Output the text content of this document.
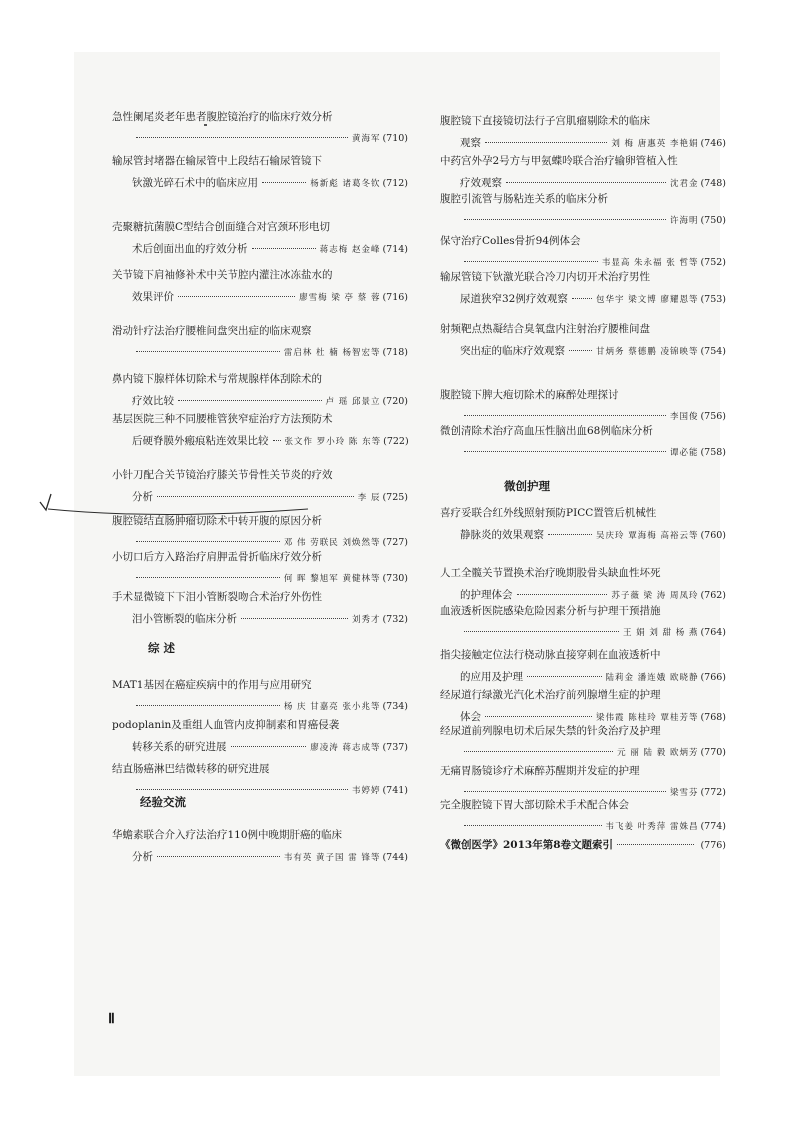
急性阑尾炎老年患者腹腔镜治疗的临床疗效分析
黄海军 (710)
输尿管封堵器在输尿管中上段结石输尿管镜下
钬激光碎石术中的临床应用	杨新彪 诸葛冬钦 (712)
壳聚糖抗菌膜C型结合创面缝合对宫颈环形电切
术后创面出血的疗效分析	蒋志梅 赵金峰 (714)
关节镜下肩袖修补术中关节腔内灌注冰冻盐水的
效果评价	廖雪梅 梁 亭 蔡 蓉 (716)
滑动针疗法治疗腰椎间盘突出症的临床观察
雷启林 杜 楠 杨智宏等 (718)
鼻内镜下腺样体切除术与常规腺样体刮除术的
疗效比较	卢 瑶 邱景立 (720)
基层医院三种不同腰椎管狭窄症治疗方法预防术
后硬脊膜外瘢痕粘连效果比较 张文作 罗小玲 陈 东等 (722)
小针刀配合关节镜治疗膝关节骨性关节炎的疗效
分析	李 辰 (725)
腹腔镜结直肠肿瘤切除术中转开腹的原因分析
邓 伟 劳联民 刘焕然等 (727)
小切口后方入路治疗肩胛盂骨折临床疗效分析
何 晖 黎旭军 黄健林等 (730)
手术显微镜下下泪小管断裂吻合术治疗外伤性
泪小管断裂的临床分析	刘秀才 (732)
综 述
MAT1基因在癌症疾病中的作用与应用研究
杨 庆 甘嘉亮 张小兆等 (734)
podoplanin及重组人血管内皮抑制素和胃癌侵袭
转移关系的研究进展	廖凌涛 蒋志成等 (737)
结直肠癌淋巴结微转移的研究进展
韦婷婷 (741)
经验交流
华蟾素联合介入疗法治疗110例中晚期肝癌的临床
分析	韦有英 黄子国 雷 锋等 (744)
腹腔镜下直接镜切法行子宫肌瘤剔除术的临床
观察	刘 梅 唐惠英 李艳娟 (746)
中药宫外孕2号方与甲氨蝶呤联合治疗输卵管植入性
疗效观察	沈君金 (748)
腹腔引流管与肠粘连关系的临床分析
许海明 (750)
保守治疗Colles骨折94例体会
韦显高 朱永福 张 哲等 (752)
输尿管镜下钬激光联合冷刀内切开术治疗男性
尿道狭窄32例疗效观察	包华宇 梁文博 廖耀恩等 (753)
射频靶点热凝结合臭氧盘内注射治疗腰椎间盘
突出症的临床疗效观察	甘炳务 蔡德鹏 凌锦映等 (754)
腹腔镜下脾大疱切除术的麻醉处理探讨
李国俊 (756)
微创清除术治疗高血压性脑出血68例临床分析
谭必能 (758)
微创护理
喜疗妥联合红外线照射预防PICC置管后机械性
静脉炎的效果观察	吴庆玲 覃海梅 高裕云等 (760)
人工全髋关节置换术治疗晚期股骨头缺血性坏死
的护理体会	苏子薇 梁 涛 周凤玲 (762)
血液透析医院感染危险因素分析与护理干预措施
王 娟 刘 甜 杨 燕 (764)
指尖接触定位法行桡动脉直接穿刺在血液透析中
的应用及护理	陆莉金 潘连娥 欧晓静 (766)
经尿道行绿激光汽化术治疗前列腺增生症的护理
体会	梁伟霞 陈桂玲 覃桂芳等 (768)
经尿道前列腺电切术后尿失禁的针灸治疗及护理
元 丽 陆 毅 欧炳芳 (770)
无痛胃肠镜诊疗术麻醉苏醒期并发症的护理
梁雪芬 (772)
完全腹腔镜下胃大部切除术手术配合体会
韦飞姜 叶秀萍 雷姝昌 (774)
《微创医学》2013年第8卷文题索引	(776)
Ⅱ
